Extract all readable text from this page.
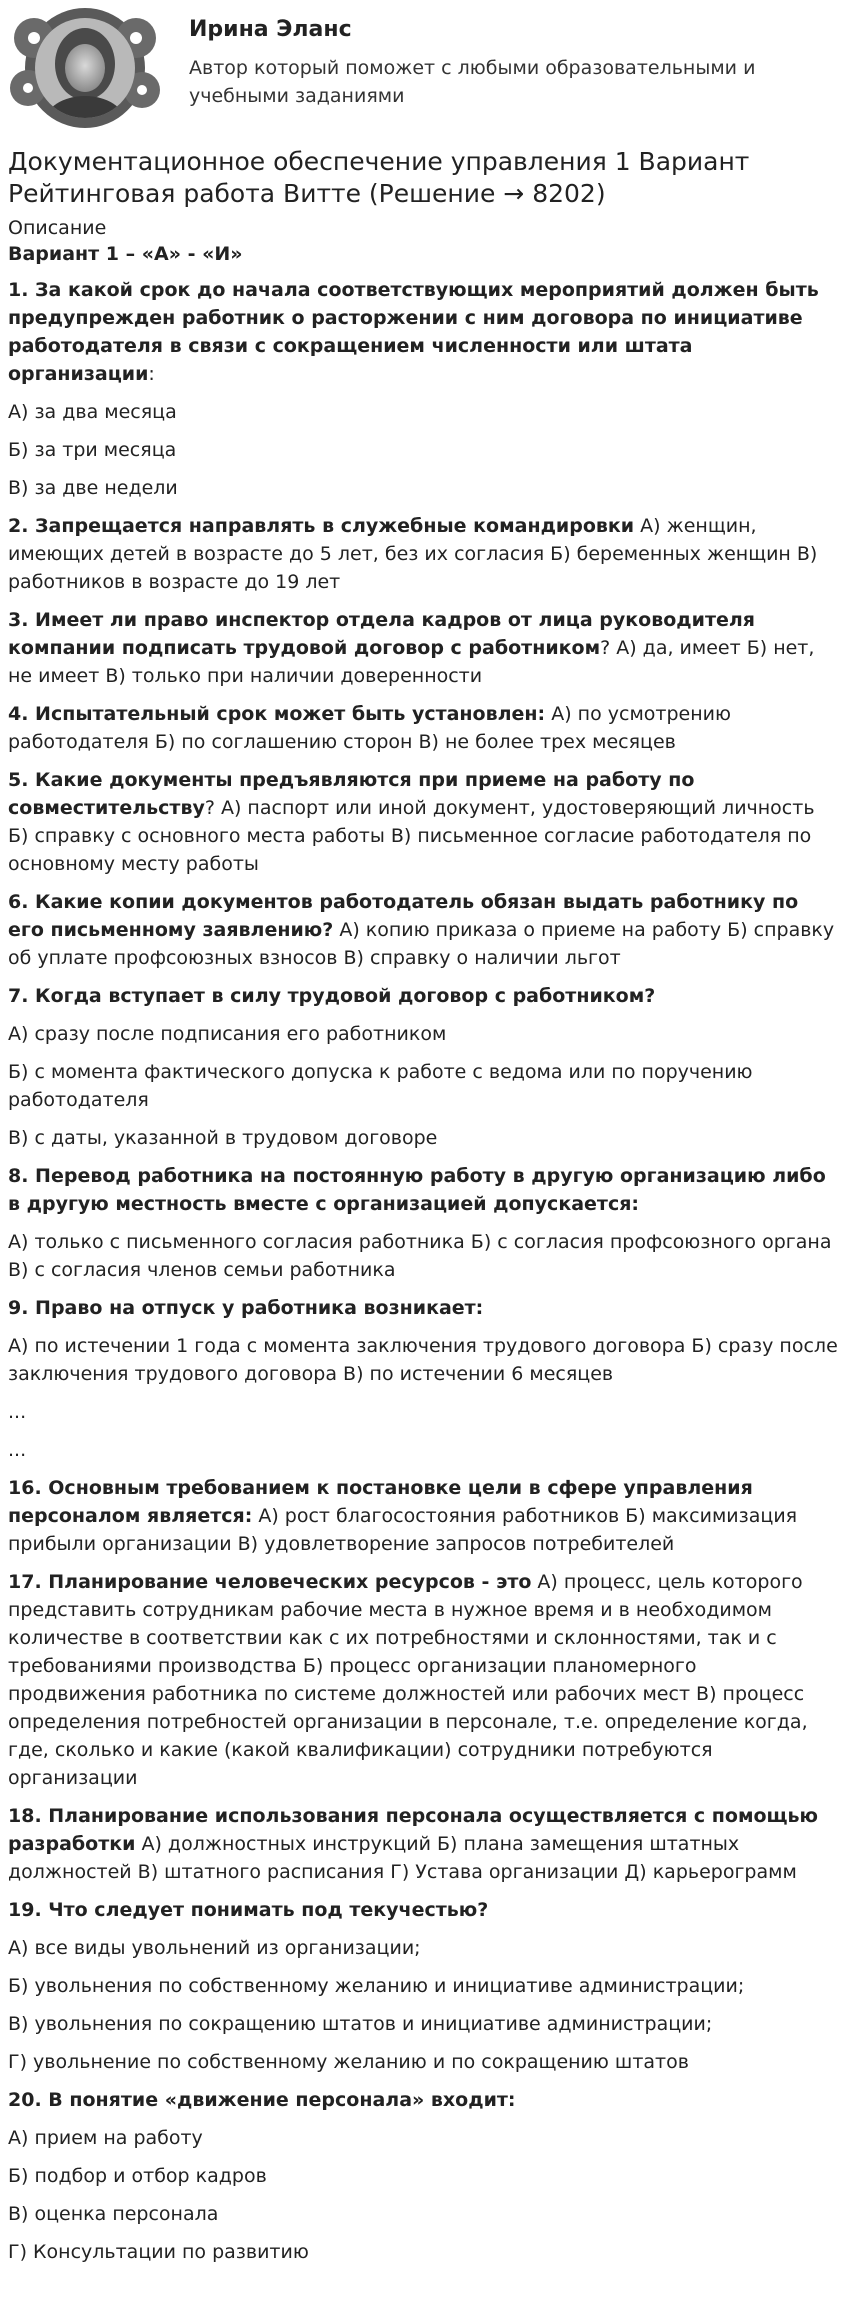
Ирина Эланс
Автор который поможет с любыми образовательными и учебными заданиями
Документационное обеспечение управления 1 Вариант Рейтинговая работа Витте (Решение → 8202)

Описание

Вариант 1 – «А» - «И»

1. За какой срок до начала соответствующих мероприятий должен быть предупрежден работник о расторжении с ним договора по инициативе работодателя в связи с сокращением численности или штата организации:

А) за два месяца

Б) за три месяца

В) за две недели

2. Запрещается направлять в служебные командировки А) женщин, имеющих детей в возрасте до 5 лет, без их согласия Б) беременных женщин В) работников в возрасте до 19 лет

3. Имеет ли право инспектор отдела кадров от лица руководителя компании подписать трудовой договор с работником? А) да, имеет Б) нет, не имеет В) только при наличии доверенности

4. Испытательный срок может быть установлен: А) по усмотрению работодателя Б) по соглашению сторон В) не более трех месяцев

5. Какие документы предъявляются при приеме на работу по совместительству? А) паспорт или иной документ, удостоверяющий личность Б) справку с основного места работы В) письменное согласие работодателя по основному месту работы

6. Какие копии документов работодатель обязан выдать работнику по его письменному заявлению? А) копию приказа о приеме на работу Б) справку об уплате профсоюзных взносов В) справку о наличии льгот

7. Когда вступает в силу трудовой договор с работником?

А) сразу после подписания его работником

Б) с момента фактического допуска к работе с ведома или по поручению работодателя

В) с даты, указанной в трудовом договоре

8. Перевод работника на постоянную работу в другую организацию либо в другую местность вместе с организацией допускается:

А) только с письменного согласия работника Б) с согласия профсоюзного органа В) с согласия членов семьи работника

9. Право на отпуск у работника возникает:

А) по истечении 1 года с момента заключения трудового договора Б) сразу после заключения трудового договора В) по истечении 6 месяцев

...

...

16. Основным требованием к постановке цели в сфере управления персоналом является: А) рост благосостояния работников Б) максимизация прибыли организации В) удовлетворение запросов потребителей

17. Планирование человеческих ресурсов - это А) процесс, цель которого представить сотрудникам рабочие места в нужное время и в необходимом количестве в соответствии как с их потребностями и склонностями, так и с требованиями производства Б) процесс организации планомерного продвижения работника по системе должностей или рабочих мест В) процесс определения потребностей организации в персонале, т.е. определение когда, где, сколько и какие (какой квалификации) сотрудники потребуются организации

18. Планирование использования персонала осуществляется с помощью разработки А) должностных инструкций Б) плана замещения штатных должностей В) штатного расписания Г) Устава организации Д) карьерограмм

19. Что следует понимать под текучестью?

А) все виды увольнений из организации;

Б) увольнения по собственному желанию и инициативе администрации;

В) увольнения по сокращению штатов и инициативе администрации;

Г) увольнение по собственному желанию и по сокращению штатов

20. В понятие «движение персонала» входит:

А) прием на работу

Б) подбор и отбор кадров

В) оценка персонала

Г) Консультации по развитию
